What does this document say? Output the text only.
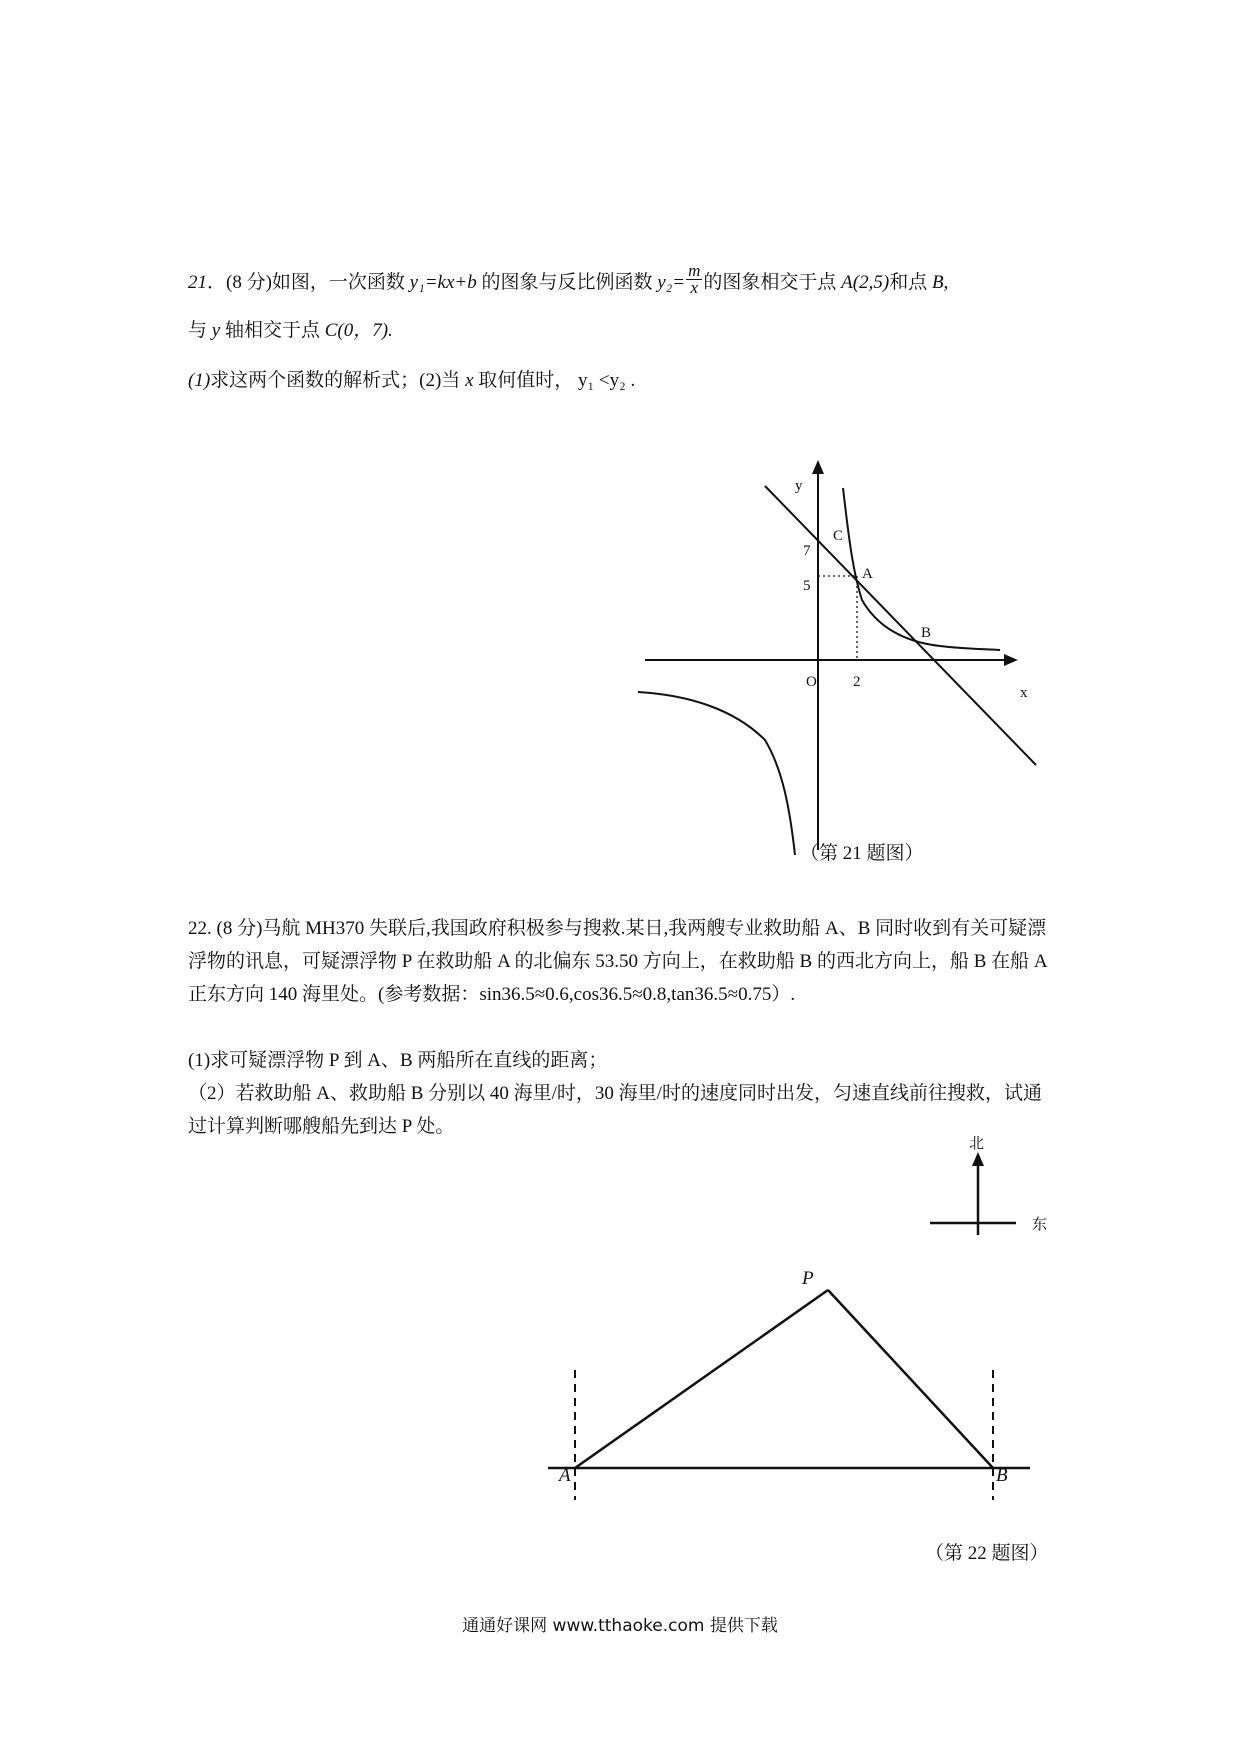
21．(8 分)如图，一次函数 y₁=kx+b 的图象与反比例函数 $y_2= \frac{m}{x}$ 的图象相交于点 A(2,5)和点 B,
与 y 轴相交于点 C(0，7).
(1)求这两个函数的解析式；(2)当 x 取何值时， y₁ <y₂ .
y
x
C
7
5
A
B
O 2
（第 21 题图）
22. (8 分)马航 MH370 失联后,我国政府积极参与搜救.某日,我两艘专业救助船 A、B 同时收到有关可疑漂浮物的讯息，可疑漂浮物 P 在救助船 A 的北偏东 53.50 方向上，在救助船 B 的西北方向上，船 B 在船 A 正东方向 140 海里处。(参考数据：sin36.5≈0.6,cos36.5≈0.8,tan36.5≈0.75）.
(1)求可疑漂浮物 P 到 A、B 两船所在直线的距离；
（2）若救助船 A、救助船 B 分别以 40 海里/时，30 海里/时的速度同时出发，匀速直线前往搜救，试通过计算判断哪艘船先到达 P 处。
P
A	B
北
东
（第 22 题图）
通通好课网 www.tthaoke.com 提供下载
